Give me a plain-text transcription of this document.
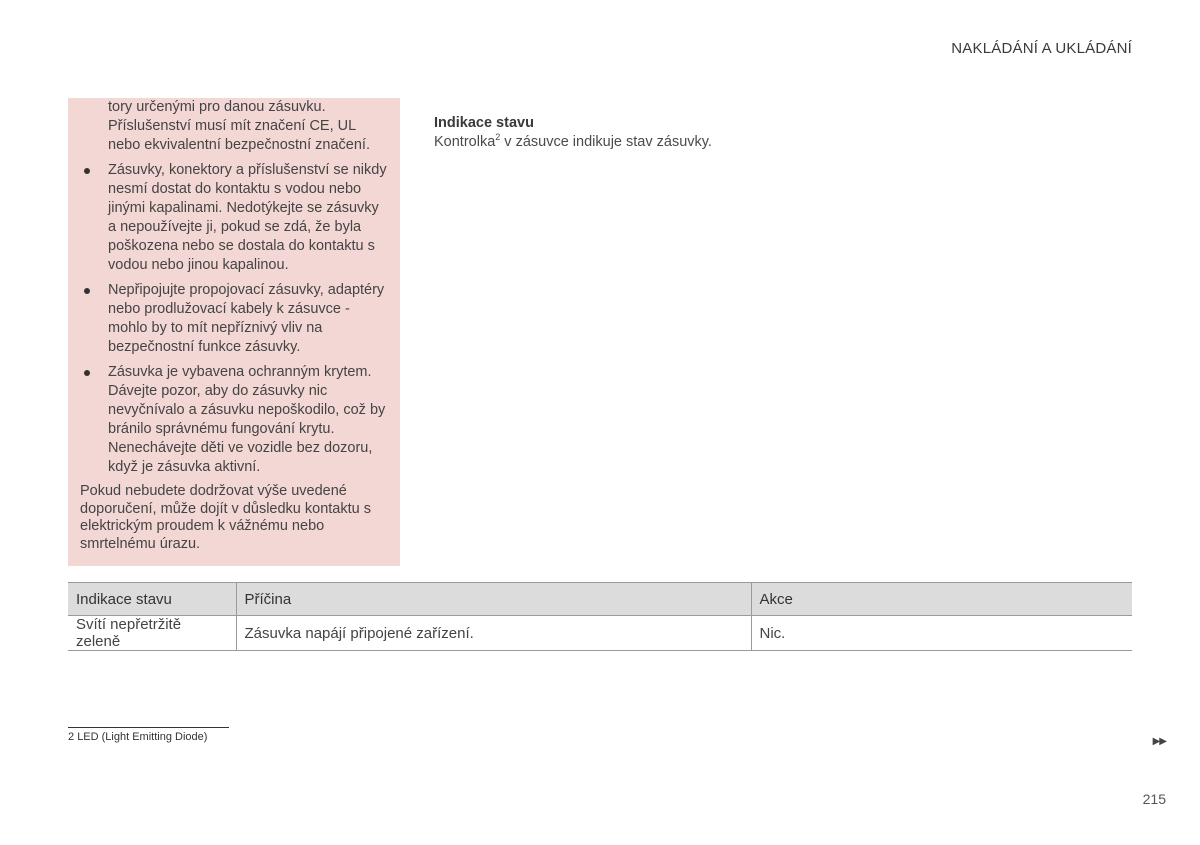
NAKLÁDÁNÍ A UKLÁDÁNÍ

tory určenými pro danou zásuvku. Příslušenství musí mít značení CE, UL nebo ekvivalentní bezpečnostní značení.

Zásuvky, konektory a příslušenství se nikdy nesmí dostat do kontaktu s vodou nebo jinými kapalinami. Nedotýkejte se zásuvky a nepoužívejte ji, pokud se zdá, že byla poškozena nebo se dostala do kontaktu s vodou nebo jinou kapalinou.
Nepřipojujte propojovací zásuvky, adaptéry nebo prodlužovací kabely k zásuvce - mohlo by to mít nepříznivý vliv na bezpečnostní funkce zásuvky.
Zásuvka je vybavena ochranným krytem. Dávejte pozor, aby do zásuvky nic nevyčnívalo a zásuvku nepoškodilo, což by bránilo správnému fungování krytu. Nenechávejte děti ve vozidle bez dozoru, když je zásuvka aktivní.

Pokud nebudete dodržovat výše uvedené doporučení, může dojít v důsledku kontaktu s elektrickým proudem k vážnému nebo smrtelnému úrazu.

Indikace stavu
Kontrolka$^2$ v zásuvce indikuje stav zásuvky.
Indikace stavu	Příčina	Akce
Svítí nepřetržitě zeleně	Zásuvka napájí připojené zařízení.	Nic.
2 LED (Light Emitting Diode)	▶▶
215
